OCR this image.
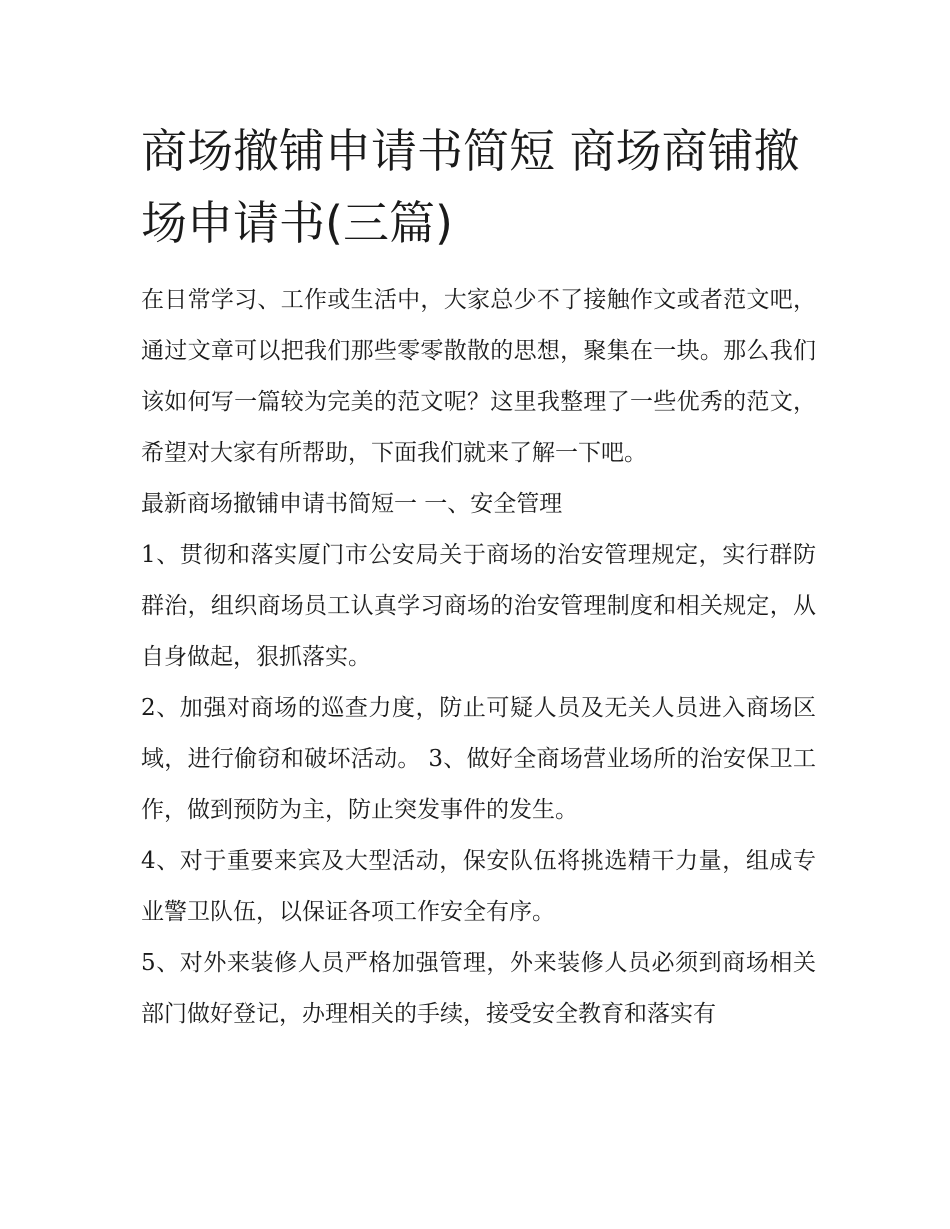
商场撤铺申请书简短 商场商铺撤场申请书(三篇)

在日常学习、工作或生活中，大家总少不了接触作文或者范文吧，通过文章可以把我们那些零零散散的思想，聚集在一块。那么我们该如何写一篇较为完美的范文呢？这里我整理了一些优秀的范文，希望对大家有所帮助，下面我们就来了解一下吧。

最新商场撤铺申请书简短一 一、安全管理

1、贯彻和落实厦门市公安局关于商场的治安管理规定，实行群防群治，组织商场员工认真学习商场的治安管理制度和相关规定，从自身做起，狠抓落实。

2、加强对商场的巡查力度，防止可疑人员及无关人员进入商场区域，进行偷窃和破坏活动。 3、做好全商场营业场所的治安保卫工作，做到预防为主，防止突发事件的发生。

4、对于重要来宾及大型活动，保安队伍将挑选精干力量，组成专业警卫队伍，以保证各项工作安全有序。

5、对外来装修人员严格加强管理，外来装修人员必须到商场相关部门做好登记，办理相关的手续，接受安全教育和落实有
